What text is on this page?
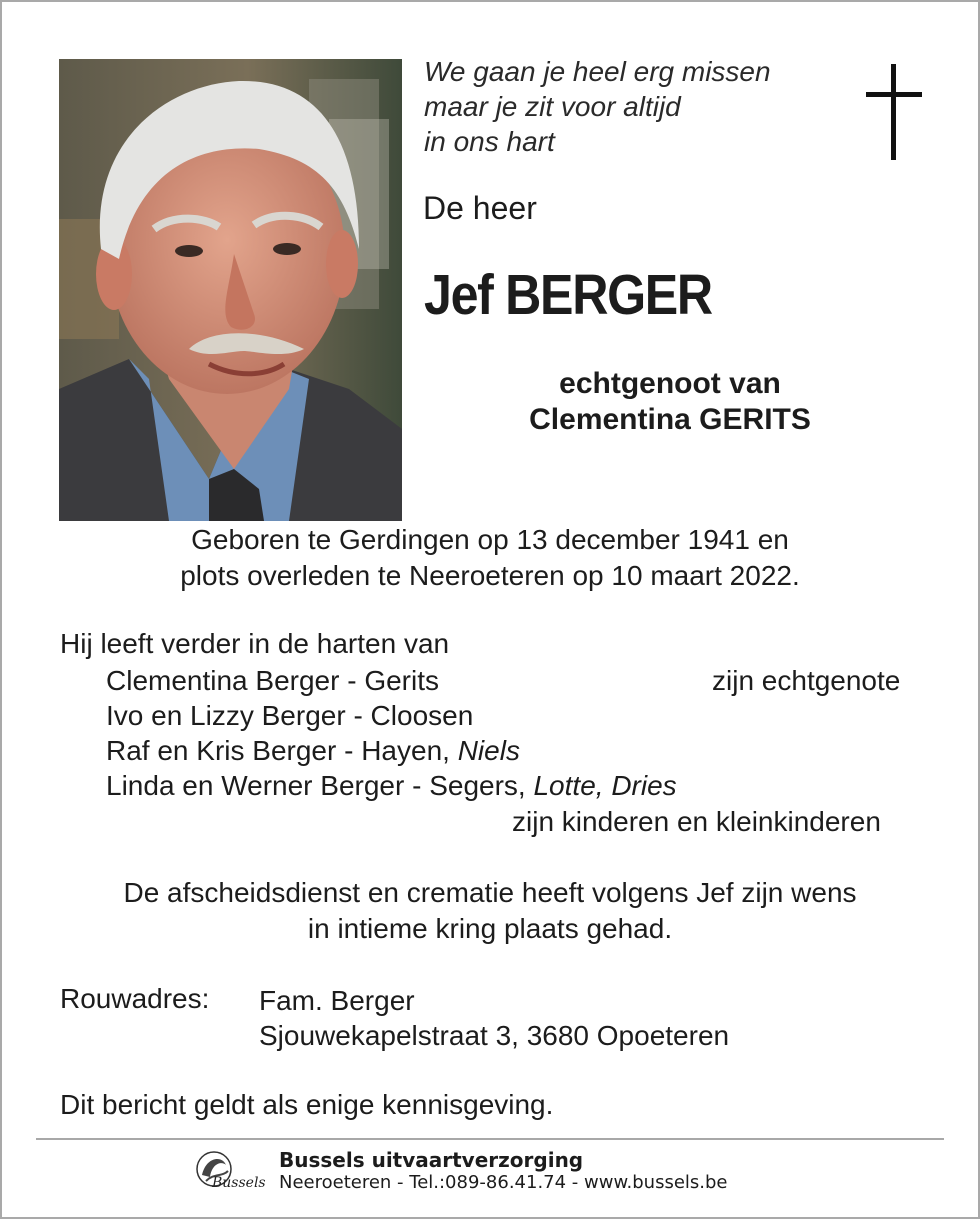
We gaan je heel erg missen
maar je zit voor altijd
in ons hart
De heer
Jef BERGER
echtgenoot van
Clementina GERITS
Geboren te Gerdingen op 13 december 1941 en
plots overleden te Neeroeteren op 10 maart 2022.
Hij leeft verder in de harten van
Clementina Berger - Gerits	zijn echtgenote
Ivo en Lizzy Berger - Cloosen
Raf en Kris Berger - Hayen, Niels
Linda en Werner Berger - Segers, Lotte, Dries
zijn kinderen en kleinkinderen
De afscheidsdienst en crematie heeft volgens Jef zijn wens
in intieme kring plaats gehad.
Rouwadres: Fam. Berger
Sjouwekapelstraat 3, 3680 Opoeteren
Dit bericht geldt als enige kennisgeving.
Bussels
Bussels uitvaartverzorging
Neeroeteren - Tel.:089-86.41.74 - www.bussels.be
